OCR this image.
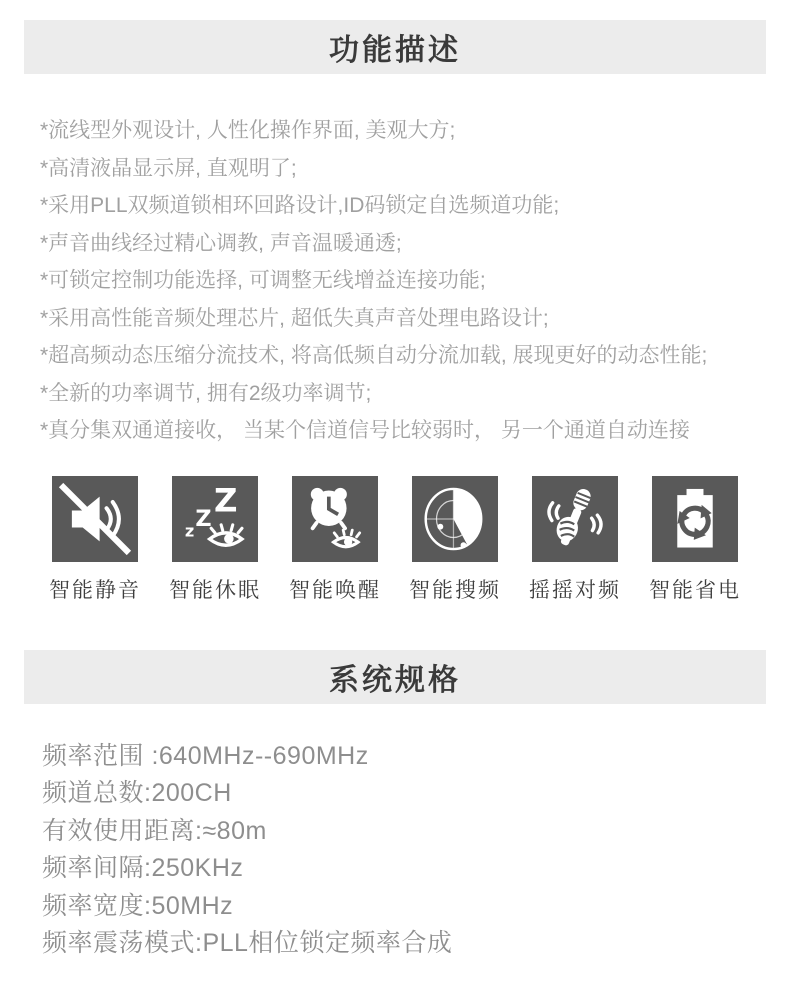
功能描述

*流线型外观设计, 人性化操作界面, 美观大方;

*高清液晶显示屏, 直观明了;

*采用PLL双频道锁相环回路设计,ID码锁定自选频道功能;

*声音曲线经过精心调教, 声音温暖通透;

*可锁定控制功能选择, 可调整无线增益连接功能;

*采用高性能音频处理芯片, 超低失真声音处理电路设计;

*超高频动态压缩分流技术, 将高低频自动分流加载, 展现更好的动态性能;

*全新的功率调节, 拥有2级功率调节;

*真分集双通道接收， 当某个信道信号比较弱时， 另一个通道自动连接

智能静音
Z
Z
z
智能休眠 智能唤醒 智能搜频 摇摇对频 智能省电
系统规格

频率范围 :640MHz--690MHz

频道总数:200CH

有效使用距离:≈80m

频率间隔:250KHz

频率宽度:50MHz

频率震荡模式:PLL相位锁定频率合成
